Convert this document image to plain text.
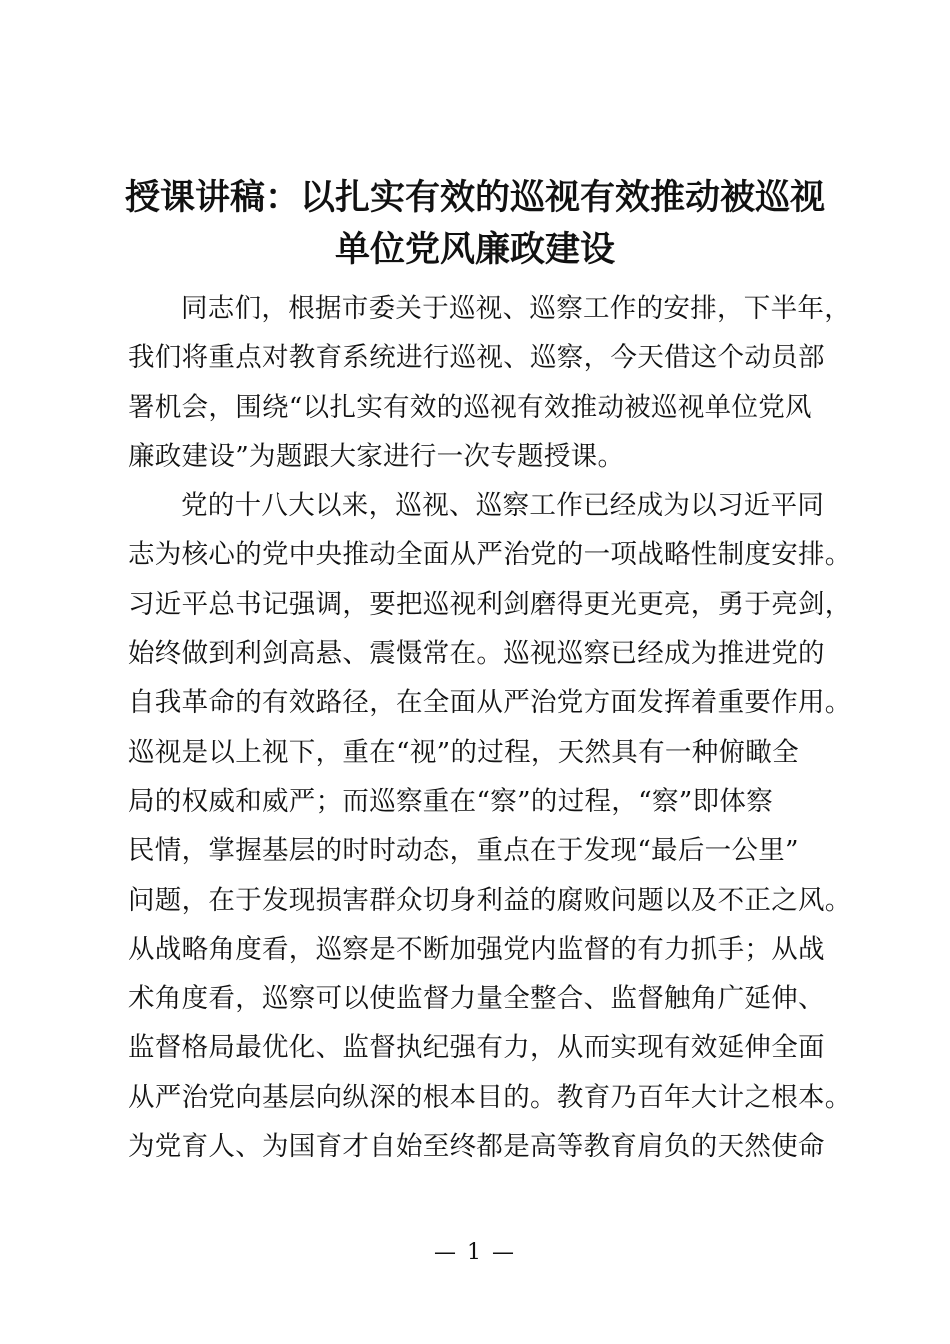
授课讲稿：以扎实有效的巡视有效推动被巡视
单位党风廉政建设

同志们，根据市委关于巡视、巡察工作的安排，下半年，
我们将重点对教育系统进行巡视、巡察，今天借这个动员部
署机会，围绕“以扎实有效的巡视有效推动被巡视单位党风
廉政建设”为题跟大家进行一次专题授课。

党的十八大以来，巡视、巡察工作已经成为以习近平同
志为核心的党中央推动全面从严治党的一项战略性制度安排。
习近平总书记强调，要把巡视利剑磨得更光更亮，勇于亮剑，
始终做到利剑高悬、震慑常在。巡视巡察已经成为推进党的
自我革命的有效路径，在全面从严治党方面发挥着重要作用。
巡视是以上视下，重在“视”的过程，天然具有一种俯瞰全
局的权威和威严；而巡察重在“察”的过程，“察”即体察
民情，掌握基层的时时动态，重点在于发现“最后一公里”
问题，在于发现损害群众切身利益的腐败问题以及不正之风。
从战略角度看，巡察是不断加强党内监督的有力抓手；从战
术角度看，巡察可以使监督力量全整合、监督触角广延伸、
监督格局最优化、监督执纪强有力，从而实现有效延伸全面
从严治党向基层向纵深的根本目的。教育乃百年大计之根本。
为党育人、为国育才自始至终都是高等教育肩负的天然使命

— 1 —
